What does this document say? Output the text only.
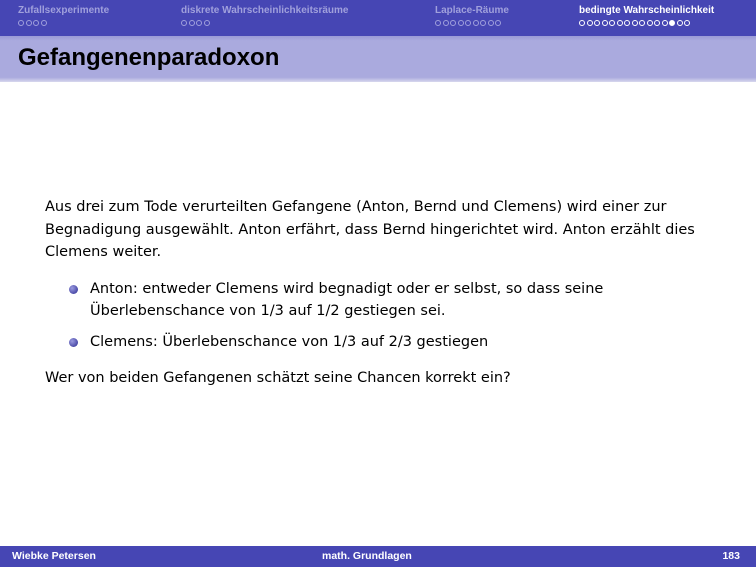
Zufallsexperimente	diskrete Wahrscheinlichkeitsräume	Laplace-Räume	bedingte Wahrscheinlichkeit
Gefangenenparadoxon

Aus drei zum Tode verurteilten Gefangene (Anton, Bernd und Clemens) wird einer zur Begnadigung ausgewählt. Anton erfährt, dass Bernd hingerichtet wird. Anton erzählt dies Clemens weiter.

Anton: entweder Clemens wird begnadigt oder er selbst, so dass seine Überlebenschance von 1/3 auf 1/2 gestiegen sei.
Clemens: Überlebenschance von 1/3 auf 2/3 gestiegen

Wer von beiden Gefangenen schätzt seine Chancen korrekt ein?

Wiebke Petersen	math. Grundlagen	183
